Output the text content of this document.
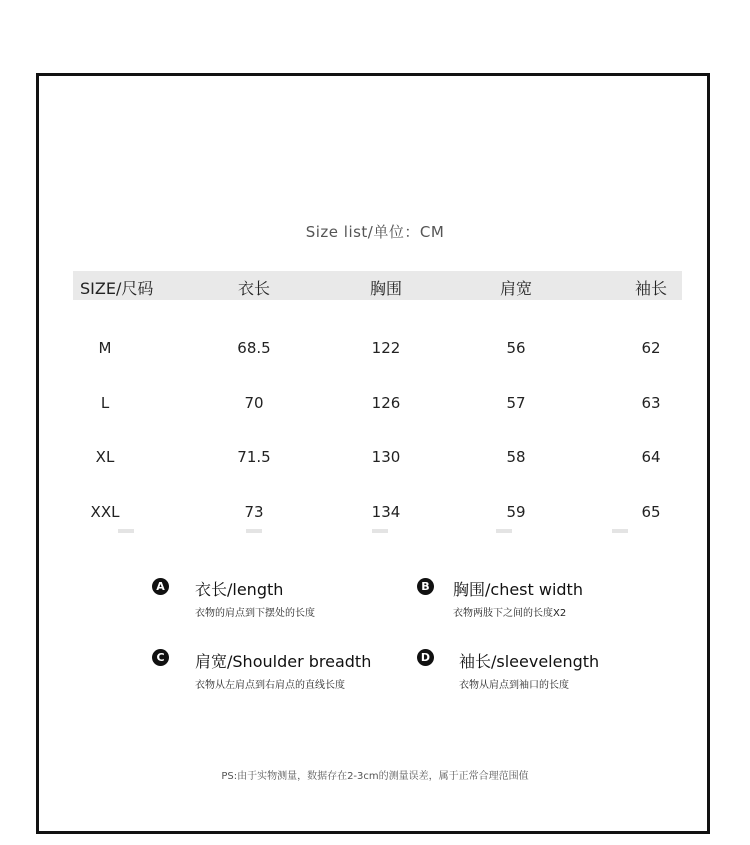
Size list/单位：CM
SIZE/尺码	衣长	胸围	肩宽	袖长
M	68.5	122	56	62
L	70	126	57	63
XL	71.5	130	58	64
XXL	73	134	59	65
A 衣长/length
衣物的肩点到下摆处的长度
B 胸围/chest width
衣物两肢下之间的长度X2
C 肩宽/Shoulder breadth
衣物从左肩点到右肩点的直线长度
D 袖长/sleevelength
衣物从肩点到袖口的长度
PS:由于实物测量，数据存在2-3cm的测量误差，属于正常合理范围值
